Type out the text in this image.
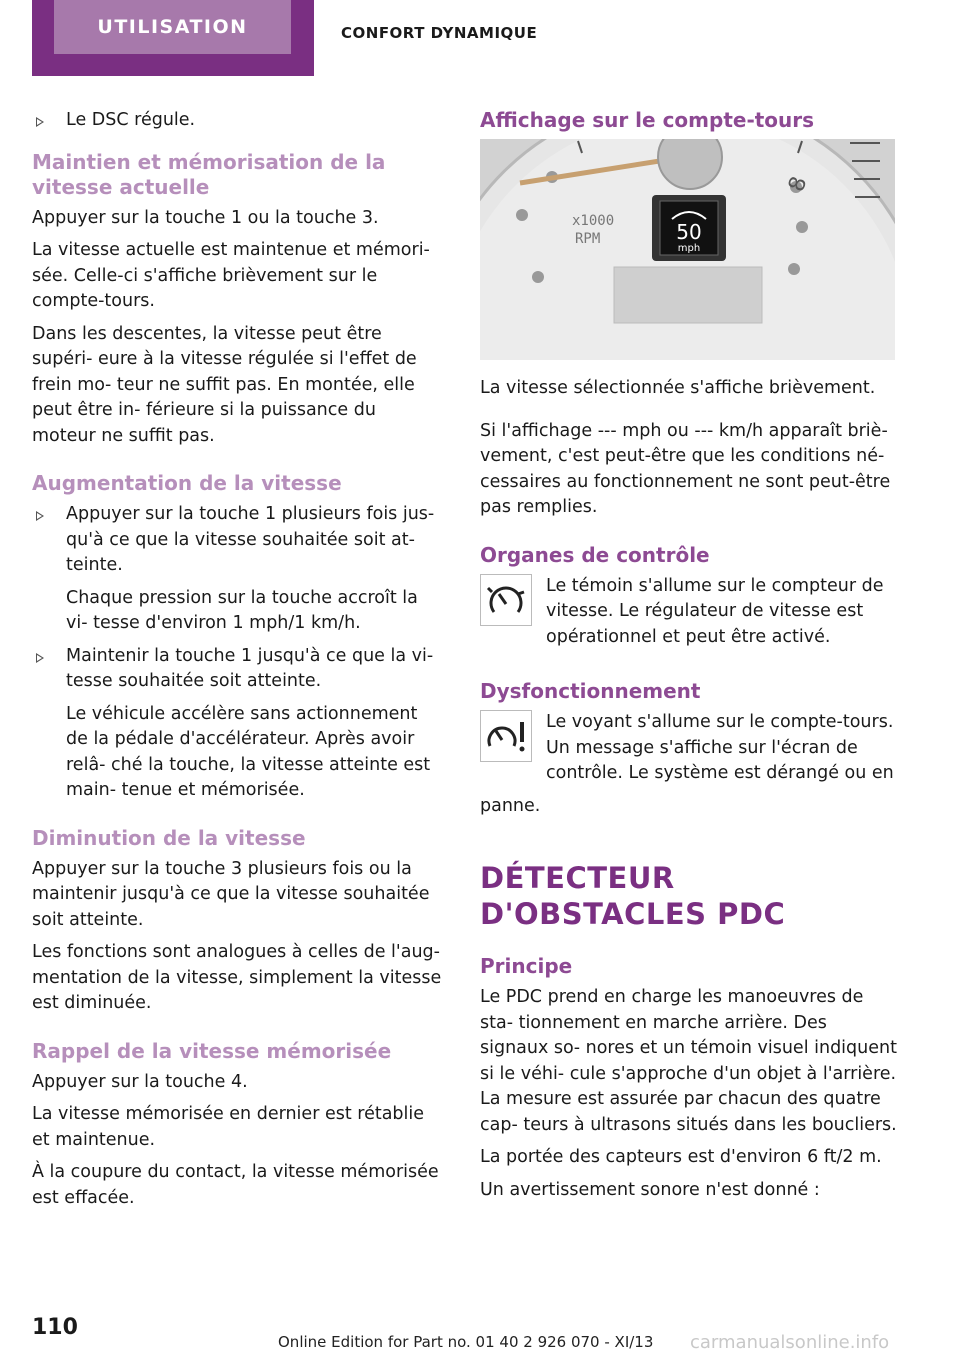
UTILISATION	CONFORT DYNAMIQUE

Le DSC régule.

Maintien et mémorisation de la vitesse actuelle

Appuyer sur la touche 1 ou la touche 3.

La vitesse actuelle est maintenue et mémori‐ sée. Celle-ci s'affiche brièvement sur le compte-tours.

Dans les descentes, la vitesse peut être supéri‐ eure à la vitesse régulée si l'effet de frein mo‐ teur ne suffit pas. En montée, elle peut être in‐ férieure si la puissance du moteur ne suffit pas.

Augmentation de la vitesse

Appuyer sur la touche 1 plusieurs fois jus‐ qu'à ce que la vitesse souhaitée soit at‐ teinte.

Chaque pression sur la touche accroît la vi‐ tesse d'environ 1 mph/1 km/h.

Maintenir la touche 1 jusqu'à ce que la vi‐ tesse souhaitée soit atteinte.

Le véhicule accélère sans actionnement de la pédale d'accélérateur. Après avoir relâ‐ ché la touche, la vitesse atteinte est main‐ tenue et mémorisée.

Diminution de la vitesse

Appuyer sur la touche 3 plusieurs fois ou la maintenir jusqu'à ce que la vitesse souhaitée soit atteinte.

Les fonctions sont analogues à celles de l'aug‐ mentation de la vitesse, simplement la vitesse est diminuée.

Rappel de la vitesse mémorisée

Appuyer sur la touche 4.

La vitesse mémorisée en dernier est rétablie et maintenue.

À la coupure du contact, la vitesse mémorisée est effacée.

Affichage sur le compte-tours
x1000
RPM	50
mph
8

La vitesse sélectionnée s'affiche brièvement.

Si l'affichage --- mph ou --- km/h apparaît briè‐ vement, c'est peut-être que les conditions né‐ cessaires au fonctionnement ne sont peut-être pas remplies.

Organes de contrôle

Le témoin s'allume sur le compteur de vitesse. Le régulateur de vitesse est opérationnel et peut être activé.

Dysfonctionnement

Le voyant s'allume sur le compte-tours. Un message s'affiche sur l'écran de contrôle. Le système est dérangé ou en

panne.

DÉTECTEUR D'OBSTACLES PDC
Principe

Le PDC prend en charge les manoeuvres de sta‐ tionnement en marche arrière. Des signaux so‐ nores et un témoin visuel indiquent si le véhi‐ cule s'approche d'un objet à l'arrière. La mesure est assurée par chacun des quatre cap‐ teurs à ultrasons situés dans les boucliers.

La portée des capteurs est d'environ 6 ft/2 m.

Un avertissement sonore n'est donné :

110
Online Edition for Part no. 01 40 2 926 070 - XI/13 carmanualsonline.info
